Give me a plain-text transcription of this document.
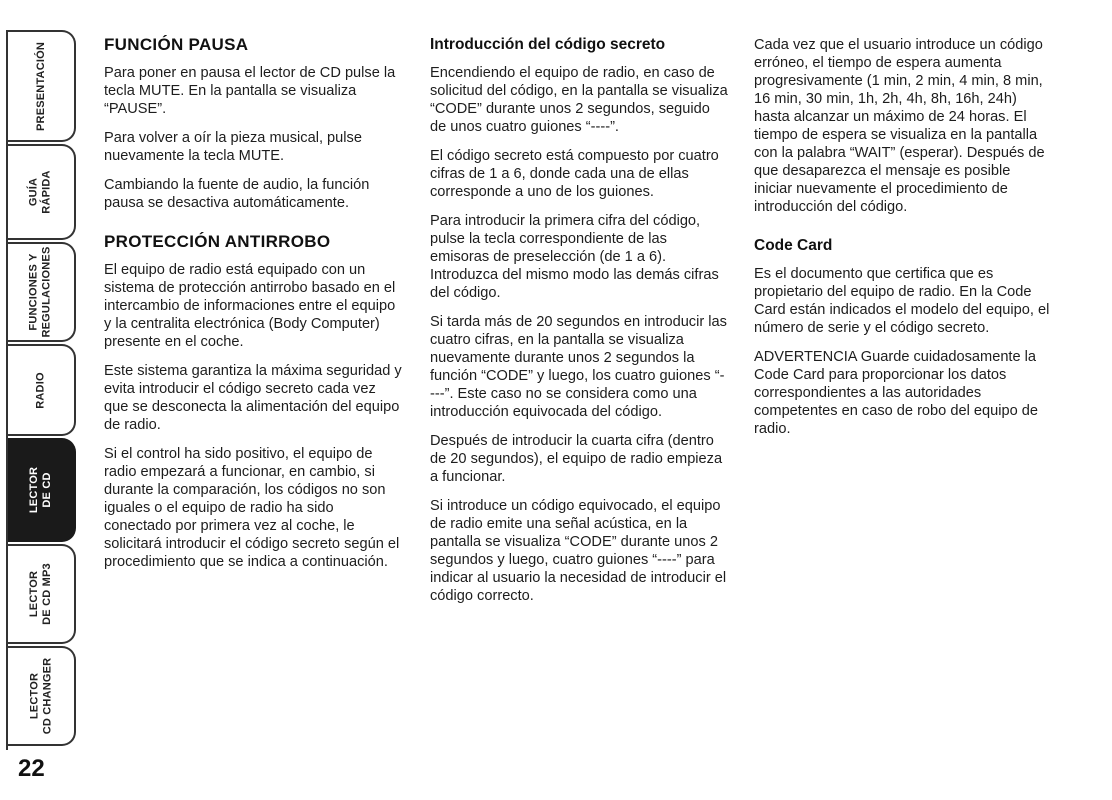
PRESENTACIÓN
GUÍA RÁPIDA
FUNCIONES Y REGULACIONES
RADIO
LECTOR DE CD
LECTOR DE CD MP3
LECTOR CD CHANGER
22
FUNCIÓN PAUSA

Para poner en pausa el lector de CD pulse la tecla MUTE. En la pantalla se visualiza “PAUSE”.

Para volver a oír la pieza musical, pulse nuevamente la tecla MUTE.

Cambiando la fuente de audio, la función pausa se desactiva automáticamente.

PROTECCIÓN ANTIRROBO

El equipo de radio está equipado con un sistema de protección antirrobo basado en el intercambio de informaciones entre el equipo y la centralita electrónica (Body Computer) presente en el coche.

Este sistema garantiza la máxima seguridad y evita introducir el código secreto cada vez que se desconecta la alimentación del equipo de radio.

Si el control ha sido positivo, el equipo de radio empezará a funcionar, en cambio, si durante la comparación, los códigos no son iguales o el equipo de radio ha sido conectado por primera vez al coche, le solicitará introducir el código secreto según el procedimiento que se indica a continuación.

Introducción del código secreto

Encendiendo el equipo de radio, en caso de solicitud del código, en la pantalla se visualiza “CODE” durante unos 2 segundos, seguido de unos cuatro guiones “----”.

El código secreto está compuesto por cuatro cifras de 1 a 6, donde cada una de ellas corresponde a uno de los guiones.

Para introducir la primera cifra del código, pulse la tecla correspondiente de las emisoras de preselección (de 1 a 6). Introduzca del mismo modo las demás cifras del código.

Si tarda más de 20 segundos en introducir las cuatro cifras, en la pantalla se visualiza nuevamente durante unos 2 segundos la función “CODE” y luego, los cuatro guiones “----”. Este caso no se considera como una introducción equivocada del código.

Después de introducir la cuarta cifra (dentro de 20 segundos), el equipo de radio empieza a funcionar.

Si introduce un código equivocado, el equipo de radio emite una señal acústica, en la pantalla se visualiza “CODE” durante unos 2 segundos y luego, cuatro guiones “----” para indicar al usuario la necesidad de introducir el código correcto.

Cada vez que el usuario introduce un código erróneo, el tiempo de espera aumenta progresivamente (1 min, 2 min, 4 min, 8 min, 16 min, 30 min, 1h, 2h, 4h, 8h, 16h, 24h) hasta alcanzar un máximo de 24 horas. El tiempo de espera se visualiza en la pantalla con la palabra “WAIT” (esperar). Después de que desaparezca el mensaje es posible iniciar nuevamente el procedimiento de introducción del código.

Code Card

Es el documento que certifica que es propietario del equipo de radio. En la Code Card están indicados el modelo del equipo, el número de serie y el código secreto.

ADVERTENCIA Guarde cuidadosamente la Code Card para proporcionar los datos correspondientes a las autoridades competentes en caso de robo del equipo de radio.
